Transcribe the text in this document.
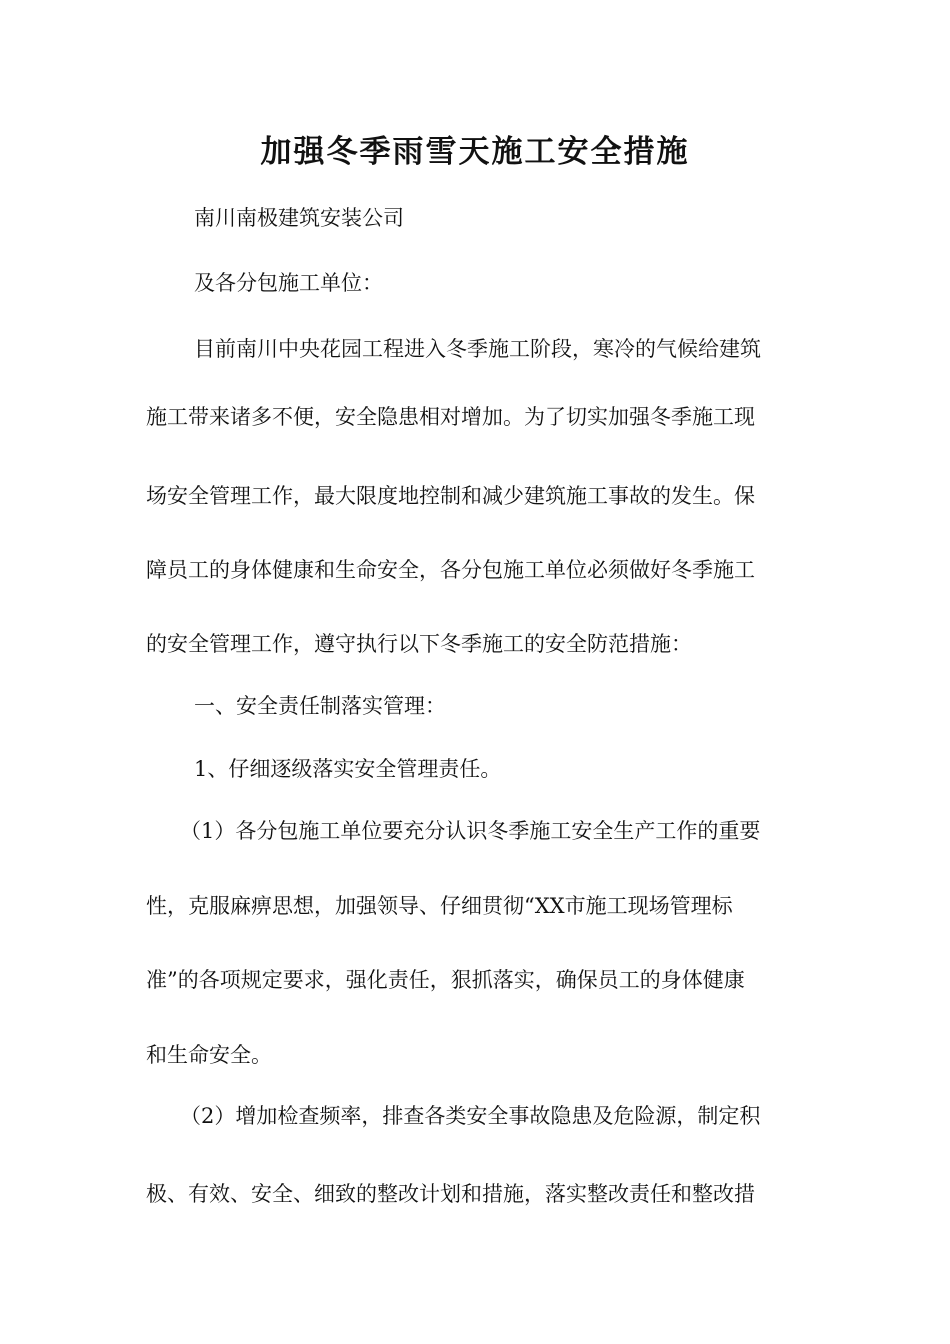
加强冬季雨雪天施工安全措施

南川南极建筑安装公司

及各分包施工单位：

目前南川中央花园工程进入冬季施工阶段，寒冷的气候给建筑

施工带来诸多不便，安全隐患相对增加。为了切实加强冬季施工现

场安全管理工作，最大限度地控制和减少建筑施工事故的发生。保

障员工的身体健康和生命安全，各分包施工单位必须做好冬季施工

的安全管理工作，遵守执行以下冬季施工的安全防范措施：

一、安全责任制落实管理：

1、仔细逐级落实安全管理责任。

（1）各分包施工单位要充分认识冬季施工安全生产工作的重要

性，克服麻痹思想，加强领导、仔细贯彻“XX市施工现场管理标

准”的各项规定要求，强化责任，狠抓落实，确保员工的身体健康

和生命安全。

（2）增加检查频率，排查各类安全事故隐患及危险源，制定积

极、有效、安全、细致的整改计划和措施，落实整改责任和整改措
